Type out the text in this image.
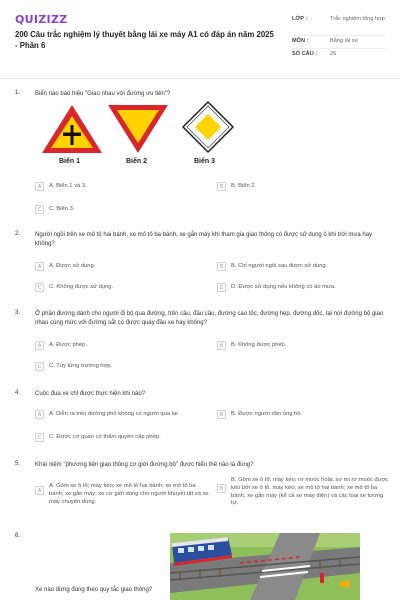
QUIZIZZ
200 Câu trắc nghiệm lý thuyết bằng lái xe máy A1 có đáp án năm 2025 - Phần 6
LỚP :	Trắc nghiệm tổng hợp
MÔN :	Bằng lái xe
SỐ CÂU :	25
1. Biển nào báo hiệu "Giao nhau với đường ưu tiên"?
Biển 1	Biển 2	Biển 3
A	A. Biển 1 và 3.	B	B. Biển 2.
C	C. Biển 3.
2. Người ngồi trên xe mô tô hai bánh, xe mô tô ba bánh, xe gắn máy khi tham gia giao thông có được sử dụng ô khi trời mưa hay không?
A	A. Được sử dụng.	B	B. Chỉ người ngồi sau được sử dụng.
C	C. Không được sử dụng.	D	D. Được sử dụng nếu không có áo mưa.
3. Ở phần đường dành cho người đi bộ qua đường, trên cầu, đầu cầu, đường cao tốc, đường hẹp, đường dốc, tại nơi đường bộ giao nhau cùng mức với đường sắt có được quay đầu xe hay không?
A	A. Được phép.	B	B. Không được phép.
C	C. Tùy từng trường hợp.
4. Cuộc đua xe chỉ được thực hiện khi nào?
A	A. Diễn ra trên đường phố không có người qua lại.	B	B. Được người dân ủng hộ.
C	C. Được cơ quan có thẩm quyền cấp phép.
5. Khái niệm "phương tiện giao thông cơ giới đường bộ" được hiểu thế nào là đúng?
A
A. Gồm xe ô tô; máy kéo; xe mô tô hai bánh; xe mô tô ba bánh; xe gắn máy; xe cơ giới dùng cho người khuyết tật và xe máy chuyên dùng.
B
B. Gồm xe ô tô; máy kéo; rơ moóc hoặc sơ mi rơ moóc được kéo bởi xe ô tô, máy kéo; xe mô tô hai bánh; xe mô tô ba bánh, xe gắn máy (kể cả xe máy điện) và các loại xe tương tự.
6.
Xe nào dừng đúng theo quy tắc giao thông?
